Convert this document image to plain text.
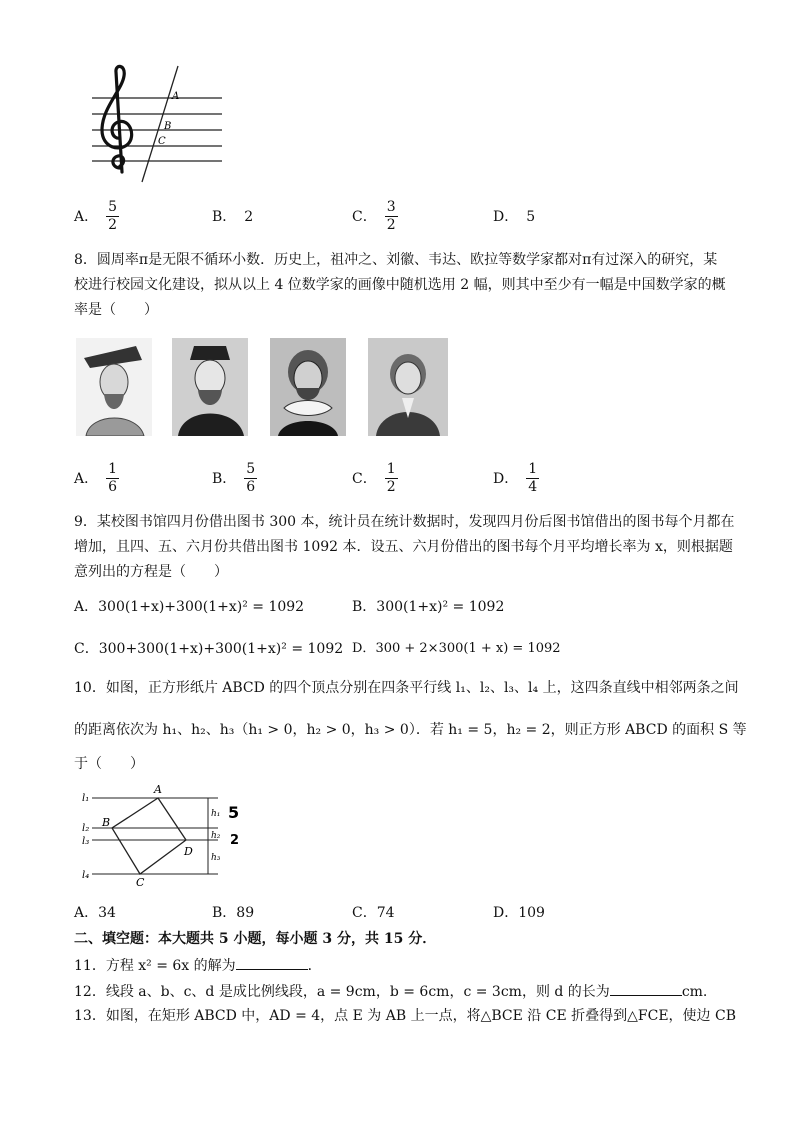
A
B
C
A． $\frac{5}{2}$	B． 2	C． $\frac{3}{2}$	D． 5
8．圆周率π是无限不循环小数．历史上，祖冲之、刘徽、韦达、欧拉等数学家都对π有过深入的研究，某
校进行校园文化建设，拟从以上 4 位数学家的画像中随机选用 2 幅，则其中至少有一幅是中国数学家的概
率是（　　）
A． $\frac{1}{6}$	B． $\frac{5}{6}$	C． $\frac{1}{2}$	D． $\frac{1}{4}$
9．某校图书馆四月份借出图书 300 本，统计员在统计数据时，发现四月份后图书馆借出的图书每个月都在
增加，且四、五、六月份共借出图书 1092 本．设五、六月份借出的图书每个月平均增长率为 x，则根据题
意列出的方程是（　　）
A．300(1+x)+300(1+x)² = 1092	B．300(1+x)² = 1092
C．300+300(1+x)+300(1+x)² = 1092 D．300 + 2×300(1 + x) = 1092
10．如图，正方形纸片 ABCD 的四个顶点分别在四条平行线 l₁、l₂、l₃、l₄ 上，这四条直线中相邻两条之间
的距离依次为 h₁、h₂、h₃（h₁ > 0，h₂ > 0，h₃ > 0）．若 h₁ = 5，h₂ = 2，则正方形 ABCD 的面积 S 等
于（　　）
l₁
l₂
l₃
l₄
A
B
C
D
h₁
h₂
h₃
5
2
A．34	B．89	C．74	D．109
二、填空题：本大题共 5 小题，每小题 3 分，共 15 分．
11．方程 x² = 6x 的解为	．
12．线段 a、b、c、d 是成比例线段，a = 9cm，b = 6cm，c = 3cm，则 d 的长为	cm.
13．如图，在矩形 ABCD 中，AD = 4，点 E 为 AB 上一点，将△BCE 沿 CE 折叠得到△FCE，使边 CB
